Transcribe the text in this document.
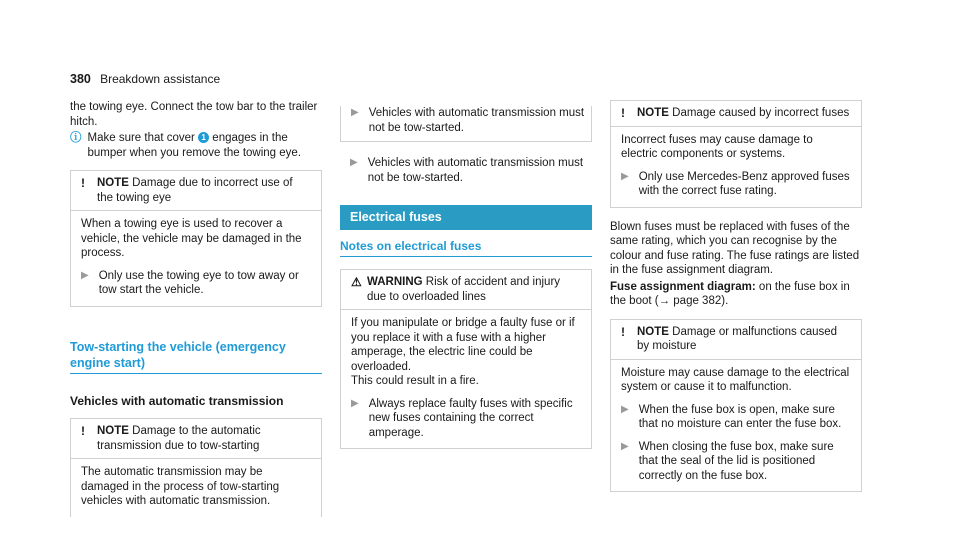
380 Breakdown assistance

the towing eye. Connect the tow bar to the trailer hitch.

ⓘ Make sure that cover 1 engages in the bumper when you remove the towing eye.

!	NOTE Damage due to incorrect use of the towing eye

When a towing eye is used to recover a vehicle, the vehicle may be damaged in the process.

▶ Only use the towing eye to tow away or tow start the vehicle.

Tow-starting the vehicle (emergency engine start)
Vehicles with automatic transmission
!	NOTE Damage to the automatic transmission due to tow-starting

The automatic transmission may be damaged in the process of tow-starting vehicles with automatic transmission.

▶ Vehicles with automatic transmission must not be tow-started.

▶ Vehicles with automatic transmission must not be tow-started.

Electrical fuses
Notes on electrical fuses
⚠ WARNING Risk of accident and injury due to overloaded lines

If you manipulate or bridge a faulty fuse or if you replace it with a fuse with a higher amperage, the electric line could be overloaded.

This could result in a fire.

▶ Always replace faulty fuses with specific new fuses containing the correct amperage.

!	NOTE Damage caused by incorrect fuses

Incorrect fuses may cause damage to electric components or systems.

▶ Only use Mercedes-Benz approved fuses with the correct fuse rating.

Blown fuses must be replaced with fuses of the same rating, which you can recognise by the colour and fuse rating. The fuse ratings are listed in the fuse assignment diagram.

Fuse assignment diagram: on the fuse box in the boot (→ page 382).

!	NOTE Damage or malfunctions caused by moisture

Moisture may cause damage to the electrical system or cause it to malfunction.

▶ When the fuse box is open, make sure that no moisture can enter the fuse box.

▶ When closing the fuse box, make sure that the seal of the lid is positioned correctly on the fuse box.
